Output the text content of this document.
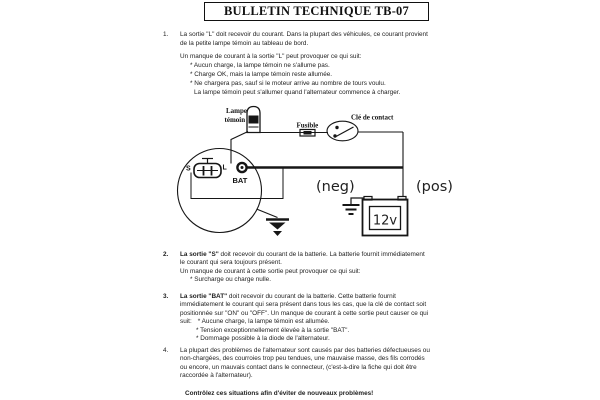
BULLETIN TECHNIQUE TB-07
1. La sortie "L" doit recevoir du courant. Dans la plupart des véhicules, ce courant provient
de la petite lampe témoin au tableau de bord.
Un manque de courant à la sortie "L" peut provoquer ce qui suit:
* Aucun charge, la lampe témoin ne s'allume pas.
* Charge OK, mais la lampe témoin reste allumée.
* Ne chargera pas, sauf si le moteur arrive au nombre de tours voulu.
La lampe témoin peut s'allumer quand l'alternateur commence à charger.
S	L
BAT
Lampe
témoin
Fusible
Clé de contact
12v
(neg)	(pos)
2. La sortie "S" doit recevoir du courant de la batterie. La batterie fournit immédiatement
le courant qui sera toujours présent.
Un manque de courant à cette sortie peut provoquer ce qui suit:
* Surcharge ou charge nulle.
3. La sortie "BAT" doit recevoir du courant de la batterie. Cette batterie fournit
immédiatement le courant qui sera présent dans tous les cas, que la clé de contact soit
positionnée sur "ON" ou "OFF". Un manque de courant à cette sortie peut causer ce qui
suit: * Aucune charge, la lampe témoin est allumée.
* Tension exceptionnellement élevée à la sortie "BAT".
* Dommage possible à la diode de l'alternateur.
4. La plupart des problèmes de l'alternateur sont causés par des batteries défectueuses ou
non-chargées, des courroies trop peu tendues, une mauvaise masse, des fils corrodés
ou encore, un mauvais contact dans le connecteur, (c'est-à-dire la fiche qui doit être
raccordée à l'alternateur).
Contrôlez ces situations afin d'éviter de nouveaux problèmes!
